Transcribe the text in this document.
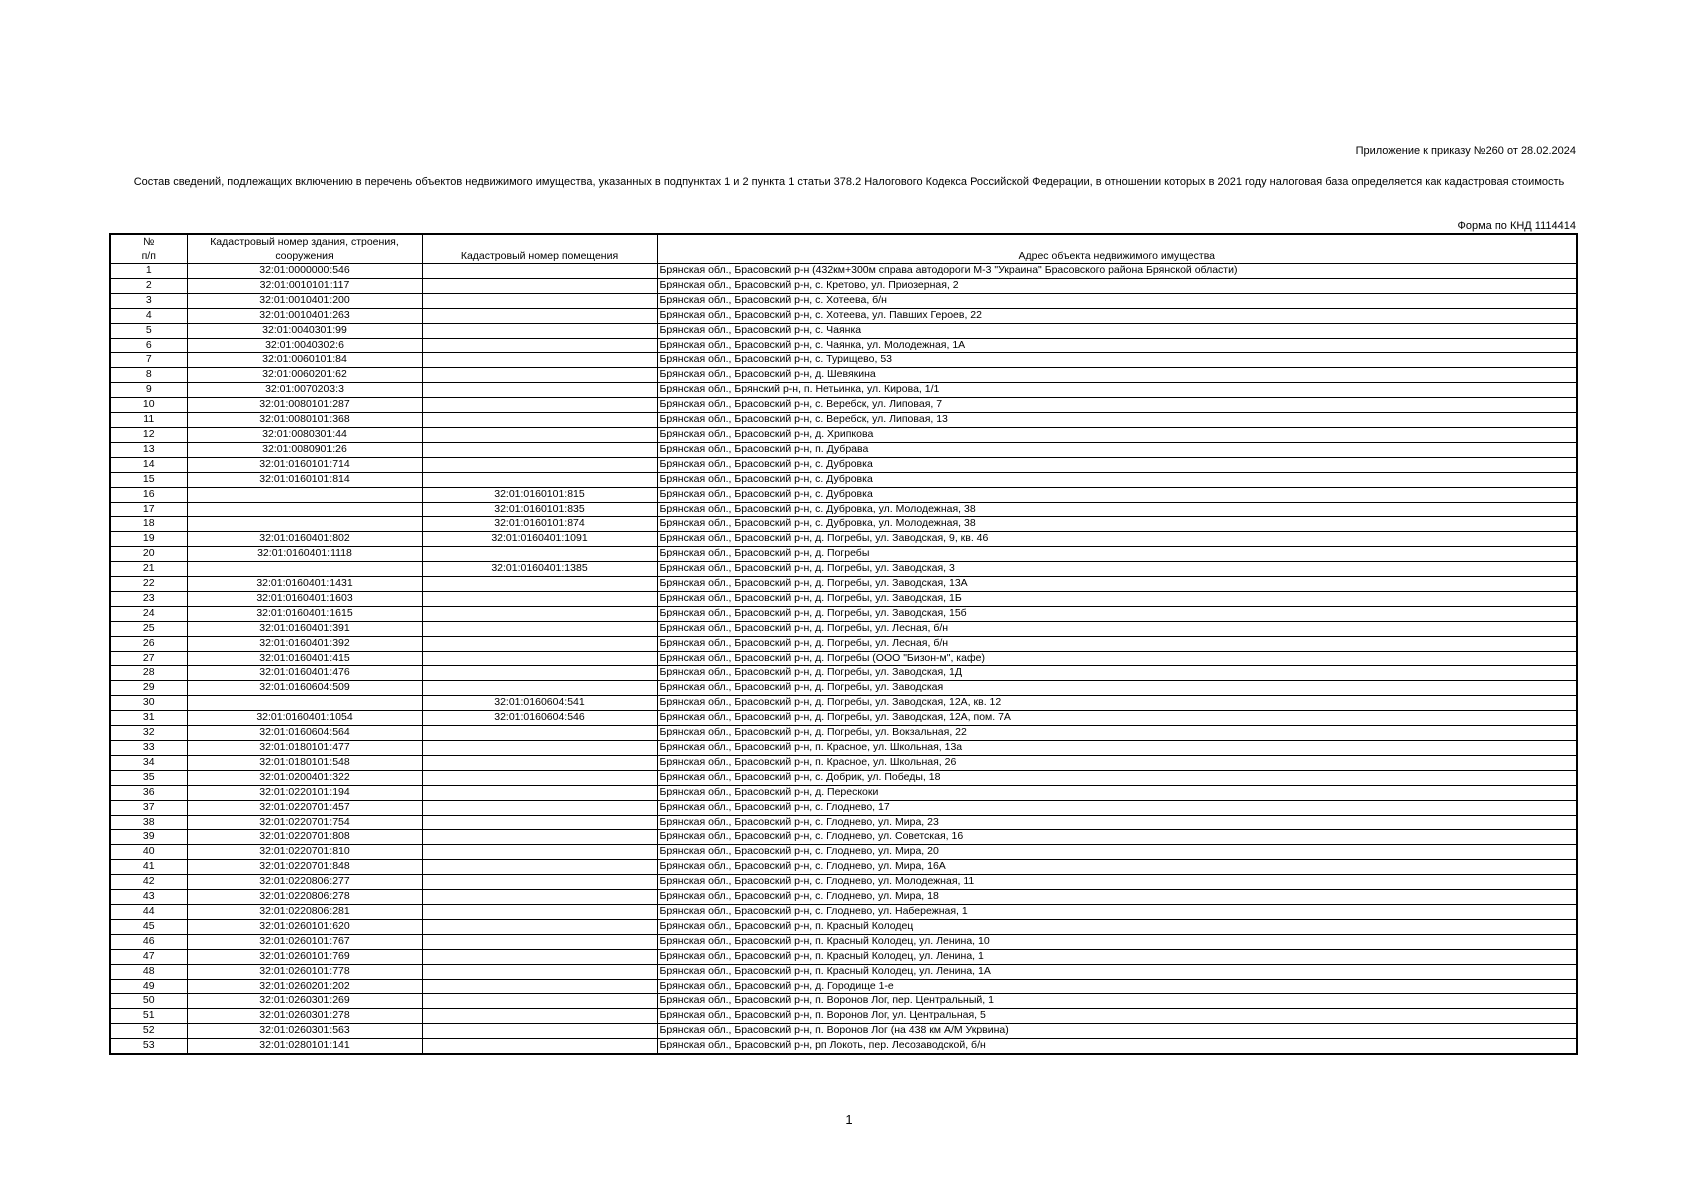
Приложение к приказу №260 от 28.02.2024
Состав сведений, подлежащих включению в перечень объектов недвижимого имущества, указанных в подпунктах 1 и 2 пункта 1 статьи 378.2 Налогового Кодекса Российской Федерации, в отношении которых в 2021 году налоговая база определяется как кадастровая стоимость
Форма по КНД 1114414
№
п/п	Кадастровый номер здания, строения, сооружения	Кадастровый номер помещения	Адрес объекта недвижимого имущества
1	32:01:0000000:546		Брянская обл., Брасовский р-н (432км+300м справа автодороги М-3 "Украина" Брасовского района Брянской области)
2	32:01:0010101:117		Брянская обл., Брасовский р-н, с. Кретово, ул. Приозерная, 2
3	32:01:0010401:200		Брянская обл., Брасовский р-н, с. Хотеева, б/н
4	32:01:0010401:263		Брянская обл., Брасовский р-н, с. Хотеева, ул. Павших Героев, 22
5	32:01:0040301:99		Брянская обл., Брасовский р-н, с. Чаянка
6	32:01:0040302:6		Брянская обл., Брасовский р-н, с. Чаянка, ул. Молодежная, 1А
7	32:01:0060101:84		Брянская обл., Брасовский р-н, с. Турищево, 53
8	32:01:0060201:62		Брянская обл., Брасовский р-н, д. Шевякина
9	32:01:0070203:3		Брянская обл., Брянский р-н, п. Нетьинка, ул. Кирова, 1/1
10	32:01:0080101:287		Брянская обл., Брасовский р-н, с. Веребск, ул. Липовая, 7
11	32:01:0080101:368		Брянская обл., Брасовский р-н, с. Веребск, ул. Липовая, 13
12	32:01:0080301:44		Брянская обл., Брасовский р-н, д. Хрипкова
13	32:01:0080901:26		Брянская обл., Брасовский р-н, п. Дубрава
14	32:01:0160101:714		Брянская обл., Брасовский р-н, с. Дубровка
15	32:01:0160101:814		Брянская обл., Брасовский р-н, с. Дубровка
16		32:01:0160101:815	Брянская обл., Брасовский р-н, с. Дубровка
17		32:01:0160101:835	Брянская обл., Брасовский р-н, с. Дубровка, ул. Молодежная, 38
18		32:01:0160101:874	Брянская обл., Брасовский р-н, с. Дубровка, ул. Молодежная, 38
19	32:01:0160401:802	32:01:0160401:1091	Брянская обл., Брасовский р-н, д. Погребы, ул. Заводская, 9, кв. 46
20	32:01:0160401:1118		Брянская обл., Брасовский р-н, д. Погребы
21		32:01:0160401:1385	Брянская обл., Брасовский р-н, д. Погребы, ул. Заводская, 3
22	32:01:0160401:1431		Брянская обл., Брасовский р-н, д. Погребы, ул. Заводская, 13А
23	32:01:0160401:1603		Брянская обл., Брасовский р-н, д. Погребы, ул. Заводская, 1Б
24	32:01:0160401:1615		Брянская обл., Брасовский р-н, д. Погребы, ул. Заводская, 15б
25	32:01:0160401:391		Брянская обл., Брасовский р-н, д. Погребы, ул. Лесная, б/н
26	32:01:0160401:392		Брянская обл., Брасовский р-н, д. Погребы, ул. Лесная, б/н
27	32:01:0160401:415		Брянская обл., Брасовский р-н, д. Погребы (ООО "Бизон-м", кафе)
28	32:01:0160401:476		Брянская обл., Брасовский р-н, д. Погребы, ул. Заводская, 1Д
29	32:01:0160604:509		Брянская обл., Брасовский р-н, д. Погребы, ул. Заводская
30		32:01:0160604:541	Брянская обл., Брасовский р-н, д. Погребы, ул. Заводская, 12А, кв. 12
31	32:01:0160401:1054	32:01:0160604:546	Брянская обл., Брасовский р-н, д. Погребы, ул. Заводская, 12А, пом. 7А
32	32:01:0160604:564		Брянская обл., Брасовский р-н, д. Погребы, ул. Вокзальная, 22
33	32:01:0180101:477		Брянская обл., Брасовский р-н, п. Красное, ул. Школьная, 13а
34	32:01:0180101:548		Брянская обл., Брасовский р-н, п. Красное, ул. Школьная, 26
35	32:01:0200401:322		Брянская обл., Брасовский р-н, с. Добрик, ул. Победы, 18
36	32:01:0220101:194		Брянская обл., Брасовский р-н, д. Перескоки
37	32:01:0220701:457		Брянская обл., Брасовский р-н, с. Глоднево, 17
38	32:01:0220701:754		Брянская обл., Брасовский р-н, с. Глоднево, ул. Мира, 23
39	32:01:0220701:808		Брянская обл., Брасовский р-н, с. Глоднево, ул. Советская, 16
40	32:01:0220701:810		Брянская обл., Брасовский р-н, с. Глоднево, ул. Мира, 20
41	32:01:0220701:848		Брянская обл., Брасовский р-н, с. Глоднево, ул. Мира, 16А
42	32:01:0220806:277		Брянская обл., Брасовский р-н, с. Глоднево, ул. Молодежная, 11
43	32:01:0220806:278		Брянская обл., Брасовский р-н, с. Глоднево, ул. Мира, 18
44	32:01:0220806:281		Брянская обл., Брасовский р-н, с. Глоднево, ул. Набережная, 1
45	32:01:0260101:620		Брянская обл., Брасовский р-н, п. Красный Колодец
46	32:01:0260101:767		Брянская обл., Брасовский р-н, п. Красный Колодец, ул. Ленина, 10
47	32:01:0260101:769		Брянская обл., Брасовский р-н, п. Красный Колодец, ул. Ленина, 1
48	32:01:0260101:778		Брянская обл., Брасовский р-н, п. Красный Колодец, ул. Ленина, 1А
49	32:01:0260201:202		Брянская обл., Брасовский р-н, д. Городище 1-е
50	32:01:0260301:269		Брянская обл., Брасовский р-н, п. Воронов Лог, пер. Центральный, 1
51	32:01:0260301:278		Брянская обл., Брасовский р-н, п. Воронов Лог, ул. Центральная, 5
52	32:01:0260301:563		Брянская обл., Брасовский р-н, п. Воронов Лог (на 438 км А/М Укрвина)
53	32:01:0280101:141		Брянская обл., Брасовский р-н, рп Локоть, пер. Лесозаводской, б/н
1
